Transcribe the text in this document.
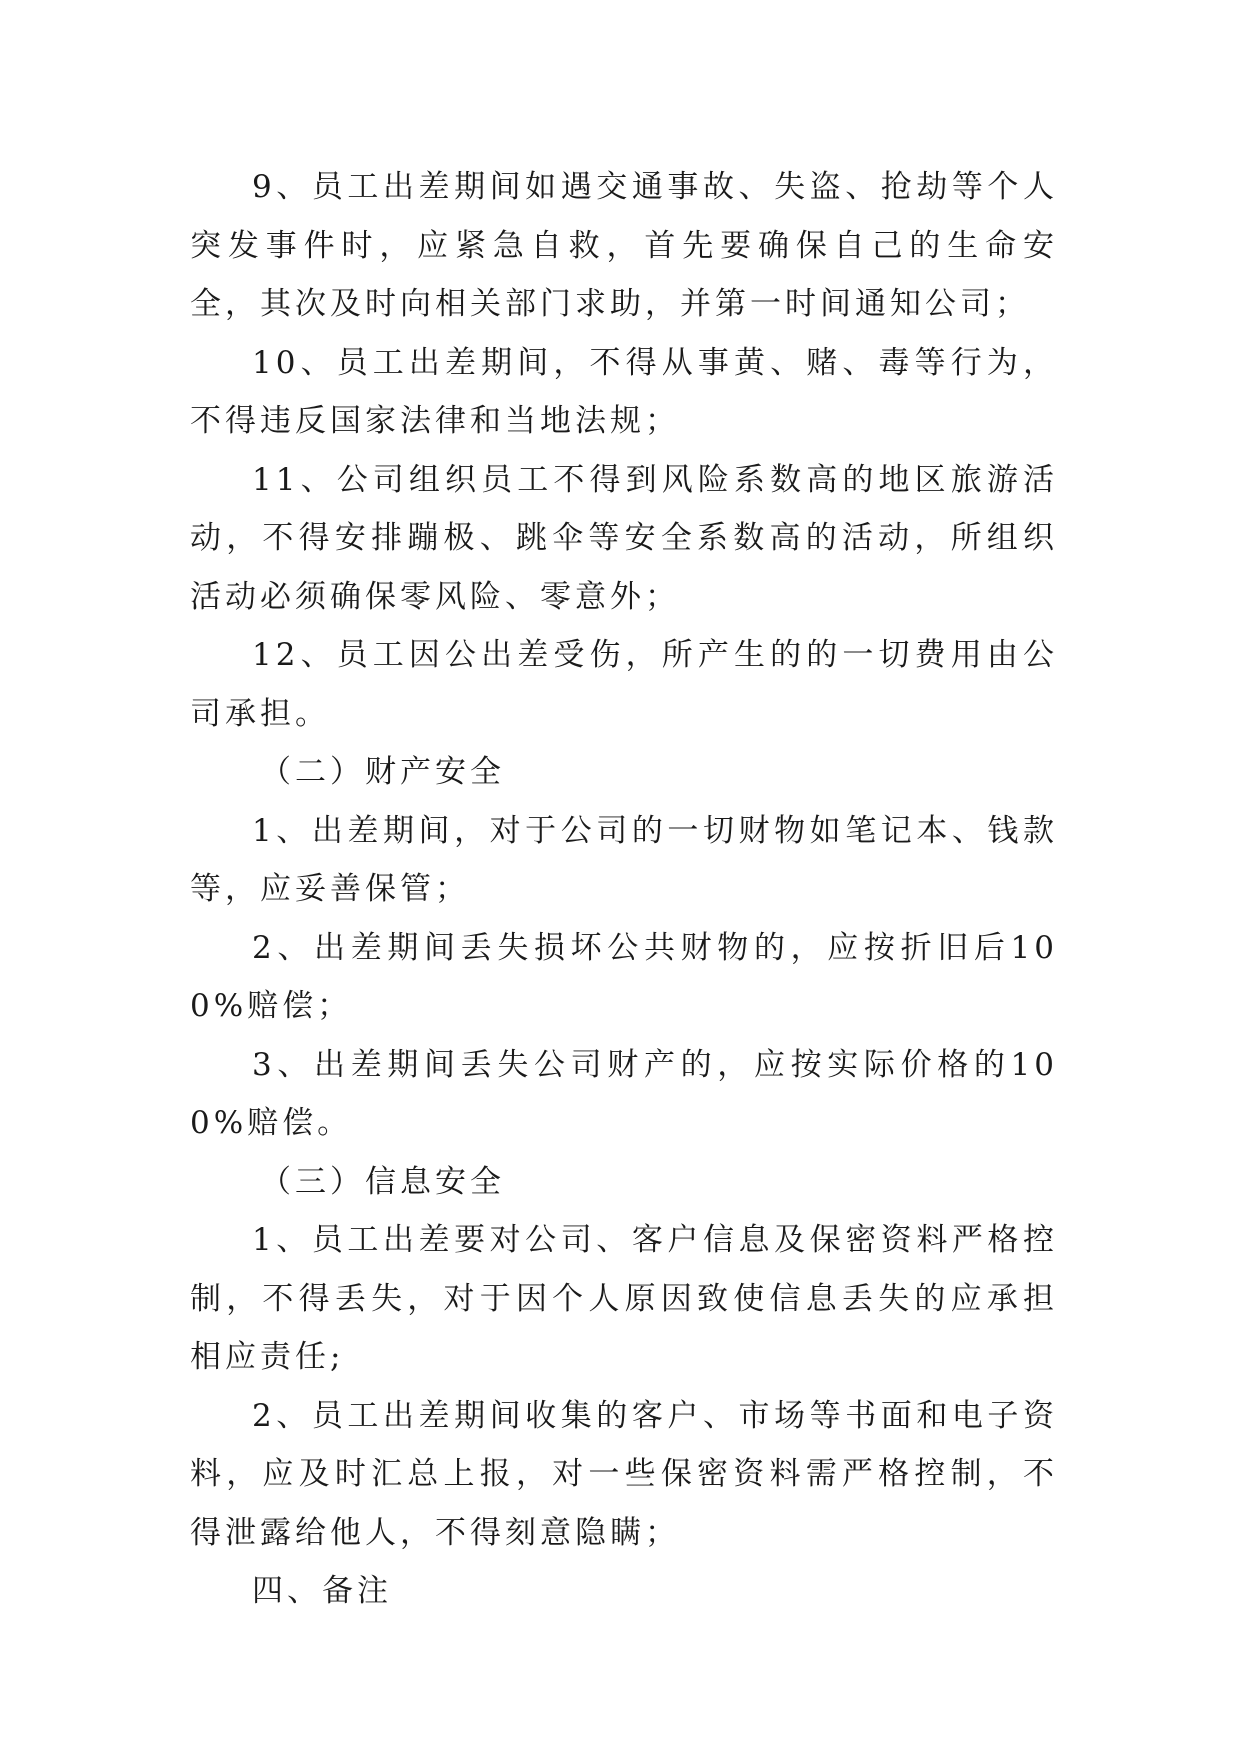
9、员工出差期间如遇交通事故、失盗、抢劫等个人突发事件时，应紧急自救，首先要确保自己的生命安全，其次及时向相关部门求助，并第一时间通知公司；

10、员工出差期间，不得从事黄、赌、毒等行为，不得违反国家法律和当地法规；

11、公司组织员工不得到风险系数高的地区旅游活动，不得安排蹦极、跳伞等安全系数高的活动，所组织活动必须确保零风险、零意外；

12、员工因公出差受伤，所产生的的一切费用由公司承担。

（二）财产安全

1、出差期间，对于公司的一切财物如笔记本、钱款等，应妥善保管；

2、出差期间丢失损坏公共财物的，应按折旧后100%赔偿；

3、出差期间丢失公司财产的，应按实际价格的100%赔偿。

（三）信息安全

1、员工出差要对公司、客户信息及保密资料严格控制，不得丢失，对于因个人原因致使信息丢失的应承担相应责任;

2、员工出差期间收集的客户、市场等书面和电子资料，应及时汇总上报，对一些保密资料需严格控制，不得泄露给他人，不得刻意隐瞒；

四、备注
